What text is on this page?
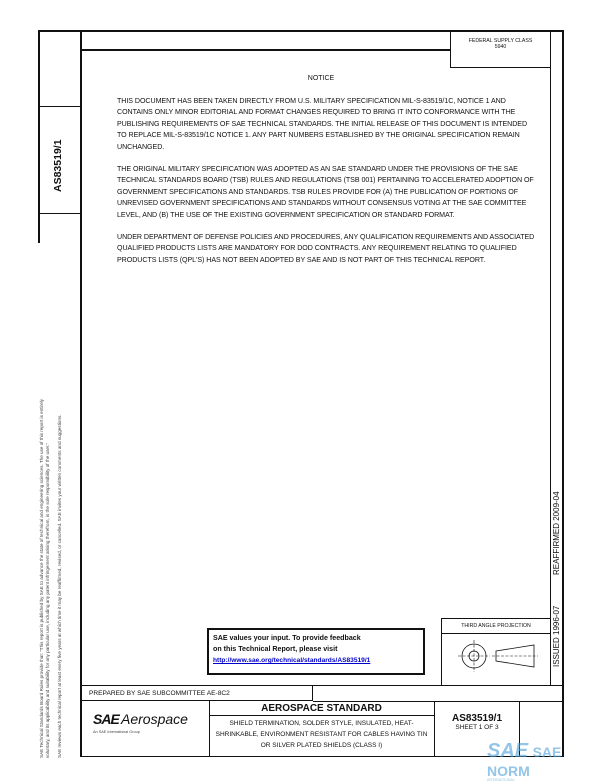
FEDERAL SUPPLY CLASS
5940
AS83519/1
NOTICE

THIS DOCUMENT HAS BEEN TAKEN DIRECTLY FROM U.S. MILITARY SPECIFICATION MIL-S-83519/1C, NOTICE 1 AND CONTAINS ONLY MINOR EDITORIAL AND FORMAT CHANGES REQUIRED TO BRING IT INTO CONFORMANCE WITH THE PUBLISHING REQUIREMENTS OF SAE TECHNICAL STANDARDS. THE INITIAL RELEASE OF THIS DOCUMENT IS INTENDED TO REPLACE MIL-S-83519/1C NOTICE 1. ANY PART NUMBERS ESTABLISHED BY THE ORIGINAL SPECIFICATION REMAIN UNCHANGED.

THE ORIGINAL MILITARY SPECIFICATION WAS ADOPTED AS AN SAE STANDARD UNDER THE PROVISIONS OF THE SAE TECHNICAL STANDARDS BOARD (TSB) RULES AND REGULATIONS (TSB 001) PERTAINING TO ACCELERATED ADOPTION OF GOVERNMENT SPECIFICATIONS AND STANDARDS. TSB RULES PROVIDE FOR (A) THE PUBLICATION OF PORTIONS OF UNREVISED GOVERNMENT SPECIFICATIONS AND STANDARDS WITHOUT CONSENSUS VOTING AT THE SAE COMMITTEE LEVEL, AND (B) THE USE OF THE EXISTING GOVERNMENT SPECIFICATION OR STANDARD FORMAT.

UNDER DEPARTMENT OF DEFENSE POLICIES AND PROCEDURES, ANY QUALIFICATION REQUIREMENTS AND ASSOCIATED QUALIFIED PRODUCTS LISTS ARE MANDATORY FOR DOD CONTRACTS. ANY REQUIREMENT RELATING TO QUALIFIED PRODUCTS LISTS (QPL'S) HAS NOT BEEN ADOPTED BY SAE AND IS NOT PART OF THIS TECHNICAL REPORT.

SAE Technical Standards Board Rules provide that: "This report is published by SAE to advance the state of technical and engineering sciences. The use of this report is entirely voluntary, and its applicability and suitability for any particular use, including any patent infringement arising therefrom, is the sole responsibility of the user." SAE reviews each technical report at least every five years at which time it may be reaffirmed, revised, or cancelled. SAE invites your written comments and suggestions.	REAFFIRMED 2009-04
ISSUED 1996-07
SAE values your input. To provide feedback
on this Technical Report, please visit
http://www.sae.org/technical/standards/AS83519/1
THIRD ANGLE PROJECTION
PREPARED BY SAE SUBCOMMITTEE AE-8C2
SAE Aerospace
An SAE International Group
AEROSPACE STANDARD
SHIELD TERMINATION, SOLDER STYLE, INSULATED, HEAT-SHRINKABLE, ENVIRONMENT RESISTANT FOR CABLES HAVING TIN OR SILVER PLATED SHIELDS (CLASS I)
AS83519/1
SHEET 1 OF 3
SAE SAE NORM
INTERNATIONAL
